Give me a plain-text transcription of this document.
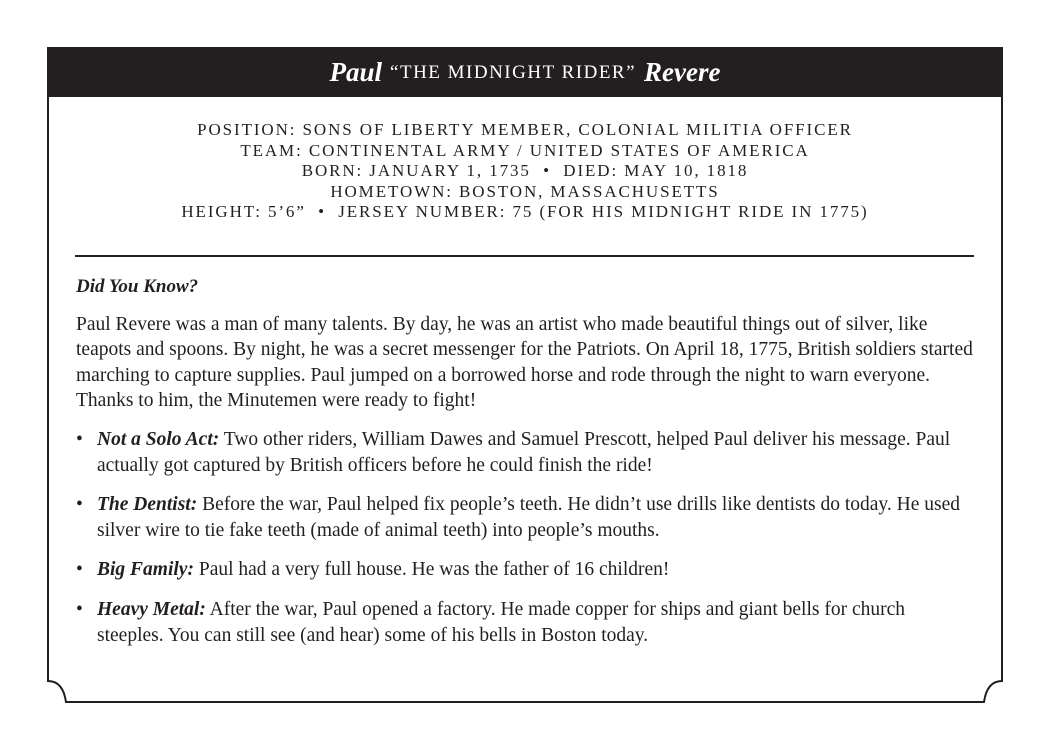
Paul “THE MIDNIGHT RIDER” Revere
POSITION: SONS OF LIBERTY MEMBER, COLONIAL MILITIA OFFICER
TEAM: CONTINENTAL ARMY / UNITED STATES OF AMERICA
BORN: JANUARY 1, 1735  •  DIED: MAY 10, 1818
HOMETOWN: BOSTON, MASSACHUSETTS
HEIGHT: 5’6”  •  JERSEY NUMBER: 75 (FOR HIS MIDNIGHT RIDE IN 1775)
Did You Know?
Paul Revere was a man of many talents. By day, he was an artist who made beautiful things out of silver, like teapots and spoons. By night, he was a secret messenger for the Patriots. On April 18, 1775, British soldiers started marching to capture supplies. Paul jumped on a borrowed horse and rode through the night to warn everyone. Thanks to him, the Minutemen were ready to fight!
• Not a Solo Act: Two other riders, William Dawes and Samuel Prescott, helped Paul deliver his message. Paul actually got captured by British officers before he could finish the ride!
• The Dentist: Before the war, Paul helped fix people’s teeth. He didn’t use drills like dentists do today. He used silver wire to tie fake teeth (made of animal teeth) into people’s mouths.
• Big Family: Paul had a very full house. He was the father of 16 children!
• Heavy Metal: After the war, Paul opened a factory. He made copper for ships and giant bells for church steeples. You can still see (and hear) some of his bells in Boston today.
